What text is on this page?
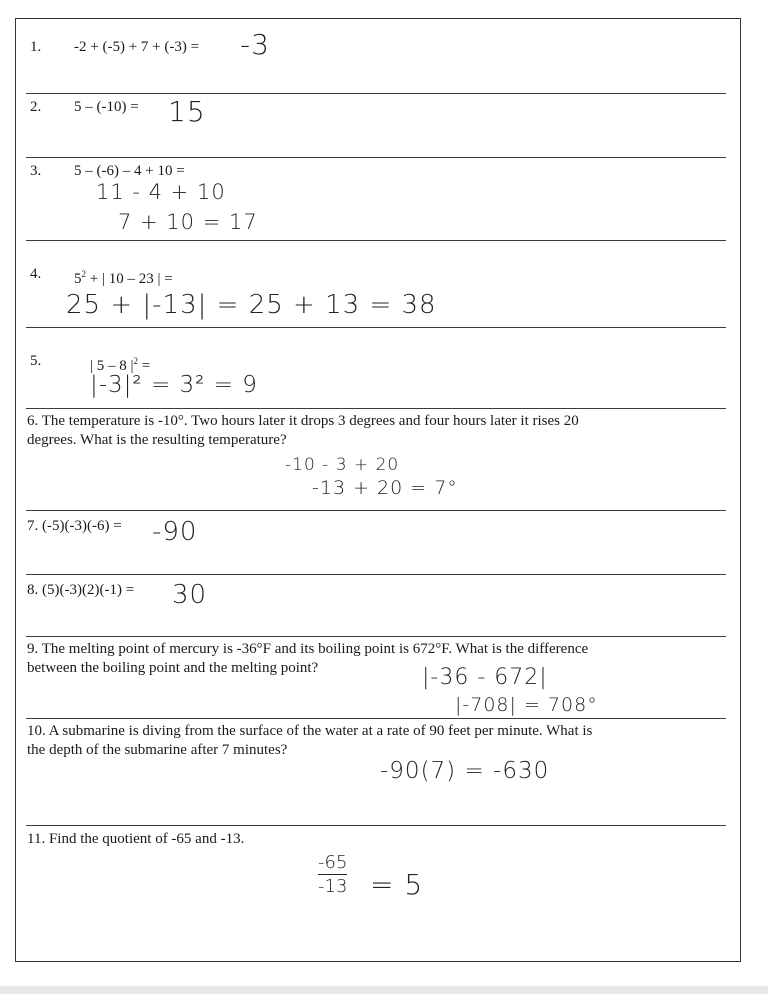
1. -2 + (-5) + 7 + (-3) = -3
2. 5 – (-10) = 15
3. 5 – (-6) – 4 + 10 =
11 - 4 + 10
7 + 10 = 17
4. $5^2$ + | 10 – 23 | =
25 + |-13| = 25 + 13 = 38
5.	| 5 – 8 $|^2$ =
|-3|² = 3² = 9
6. The temperature is -10°. Two hours later it drops 3 degrees and four hours later it rises 20
degrees. What is the resulting temperature?
-10 - 3 + 20
-13 + 20 = 7°
7. (-5)(-3)(-6) = -90
8. (5)(-3)(2)(-1) = 30
9. The melting point of mercury is -36°F and its boiling point is 672°F. What is the difference
between the boiling point and the melting point?	|-36 - 672|
|-708| = 708°
10. A submarine is diving from the surface of the water at a rate of 90 feet per minute. What is
the depth of the submarine after 7 minutes?
-90(7) = -630
11. Find the quotient of -65 and -13.
-65
-13 = 5
